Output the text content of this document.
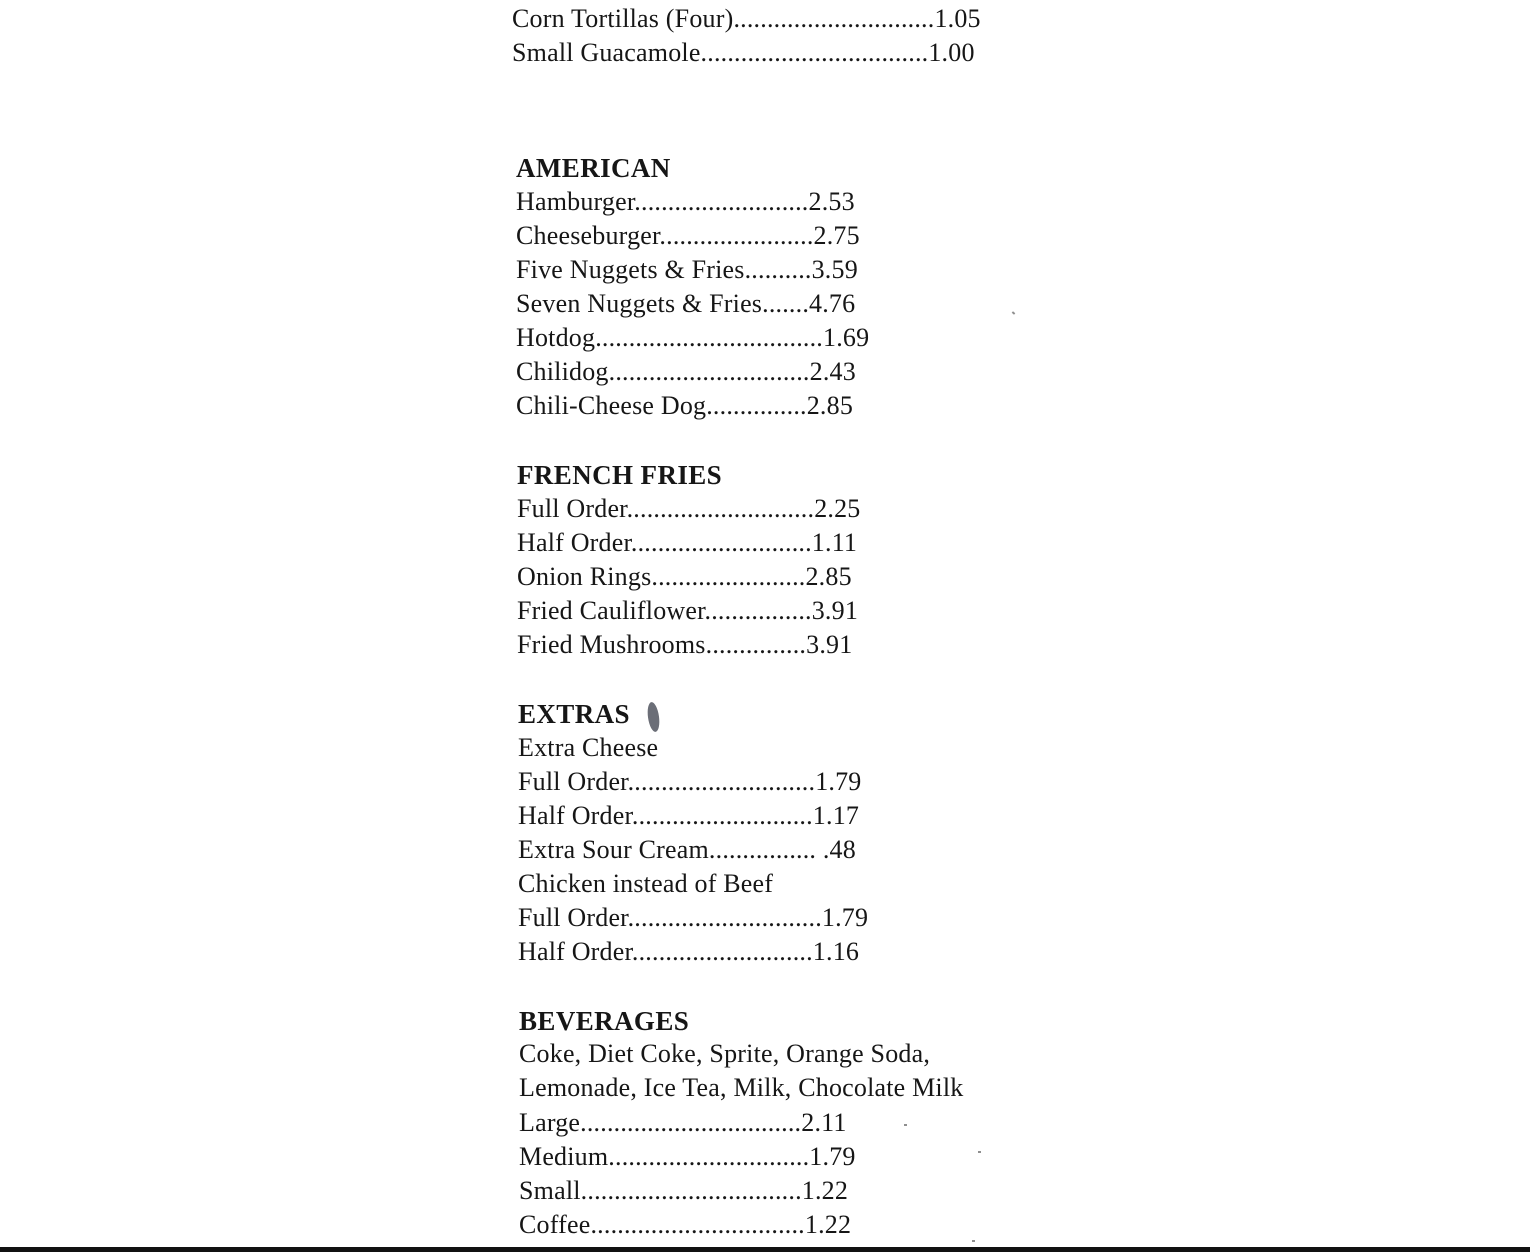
Corn Tortillas (Four)..............................1.05
Small Guacamole..................................1.00
AMERICAN
Hamburger..........................2.53
Cheeseburger.......................2.75
Five Nuggets & Fries..........3.59
Seven Nuggets & Fries.......4.76
Hotdog..................................1.69
Chilidog..............................2.43
Chili-Cheese Dog...............2.85
FRENCH FRIES
Full Order............................2.25
Half Order...........................1.11
Onion Rings.......................2.85
Fried Cauliflower................3.91
Fried Mushrooms...............3.91
EXTRAS
Extra Cheese
Full Order............................1.79
Half Order...........................1.17
Extra Sour Cream................ .48
Chicken instead of Beef
Full Order.............................1.79
Half Order...........................1.16
BEVERAGES
Coke, Diet Coke, Sprite, Orange Soda,
Lemonade, Ice Tea, Milk, Chocolate Milk
Large.................................2.11
Medium..............................1.79
Small.................................1.22
Coffee................................1.22
